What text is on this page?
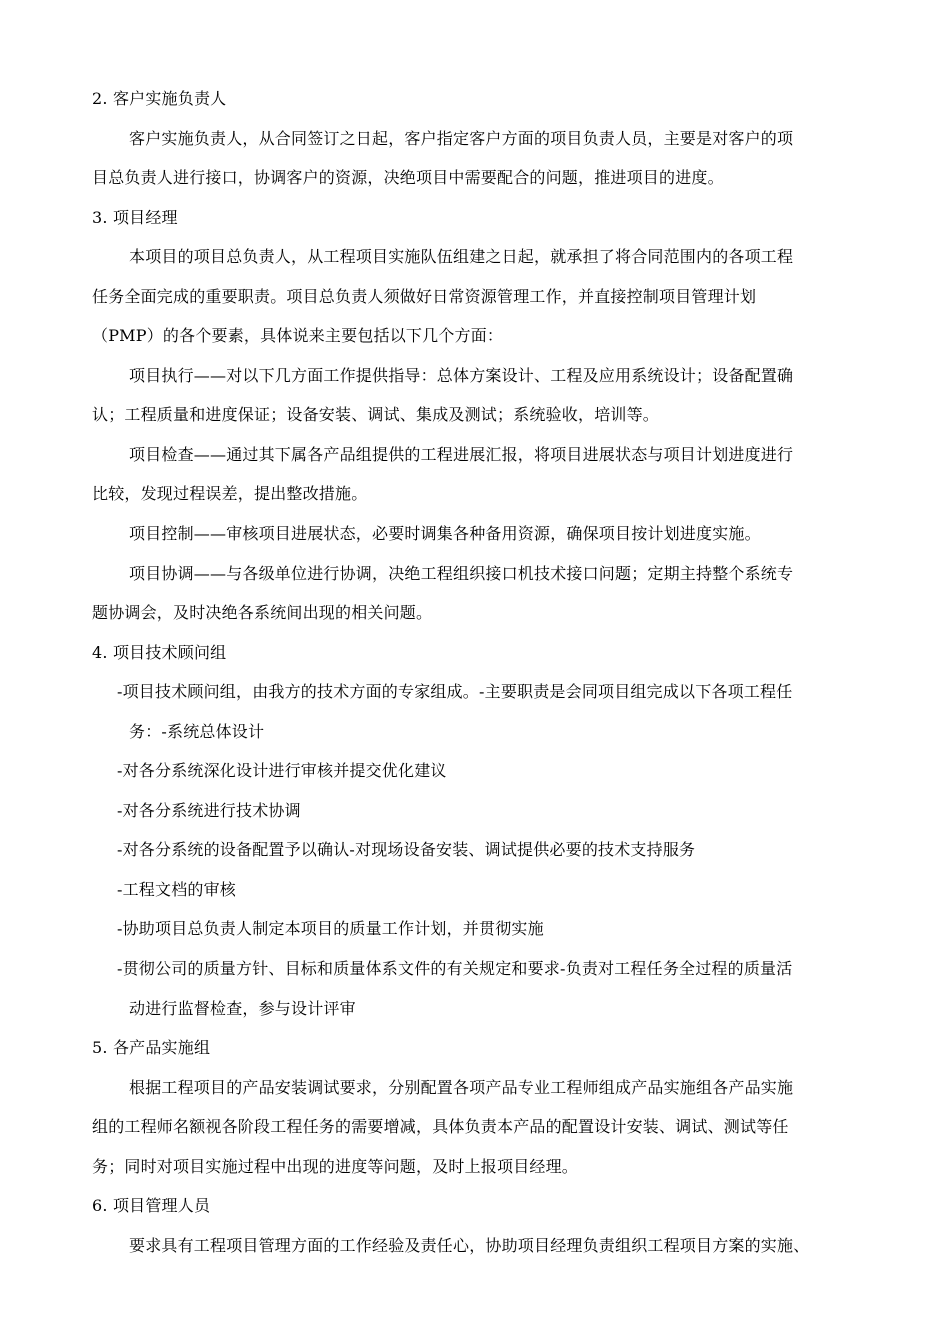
2. 客户实施负责人
客户实施负责人，从合同签订之日起，客户指定客户方面的项目负责人员，主要是对客户的项
目总负责人进行接口，协调客户的资源，决绝项目中需要配合的问题，推进项目的进度。
3. 项目经理
本项目的项目总负责人，从工程项目实施队伍组建之日起，就承担了将合同范围内的各项工程
任务全面完成的重要职责。项目总负责人须做好日常资源管理工作，并直接控制项目管理计划
（PMP）的各个要素，具体说来主要包括以下几个方面：
项目执行——对以下几方面工作提供指导：总体方案设计、工程及应用系统设计；设备配置确
认；工程质量和进度保证；设备安装、调试、集成及测试；系统验收，培训等。
项目检查——通过其下属各产品组提供的工程进展汇报，将项目进展状态与项目计划进度进行
比较，发现过程误差，提出整改措施。
项目控制——审核项目进展状态，必要时调集各种备用资源，确保项目按计划进度实施。
项目协调——与各级单位进行协调，决绝工程组织接口机技术接口问题；定期主持整个系统专
题协调会，及时决绝各系统间出现的相关问题。
4. 项目技术顾问组
-项目技术顾问组，由我方的技术方面的专家组成。-主要职责是会同项目组完成以下各项工程任
务：-系统总体设计
-对各分系统深化设计进行审核并提交优化建议
-对各分系统进行技术协调
-对各分系统的设备配置予以确认-对现场设备安装、调试提供必要的技术支持服务
-工程文档的审核
-协助项目总负责人制定本项目的质量工作计划，并贯彻实施
-贯彻公司的质量方针、目标和质量体系文件的有关规定和要求-负责对工程任务全过程的质量活
动进行监督检查，参与设计评审
5. 各产品实施组
根据工程项目的产品安装调试要求，分别配置各项产品专业工程师组成产品实施组各产品实施
组的工程师名额视各阶段工程任务的需要增减，具体负责本产品的配置设计安装、调试、测试等任
务；同时对项目实施过程中出现的进度等问题，及时上报项目经理。
6. 项目管理人员
要求具有工程项目管理方面的工作经验及责任心，协助项目经理负责组织工程项目方案的实施、
